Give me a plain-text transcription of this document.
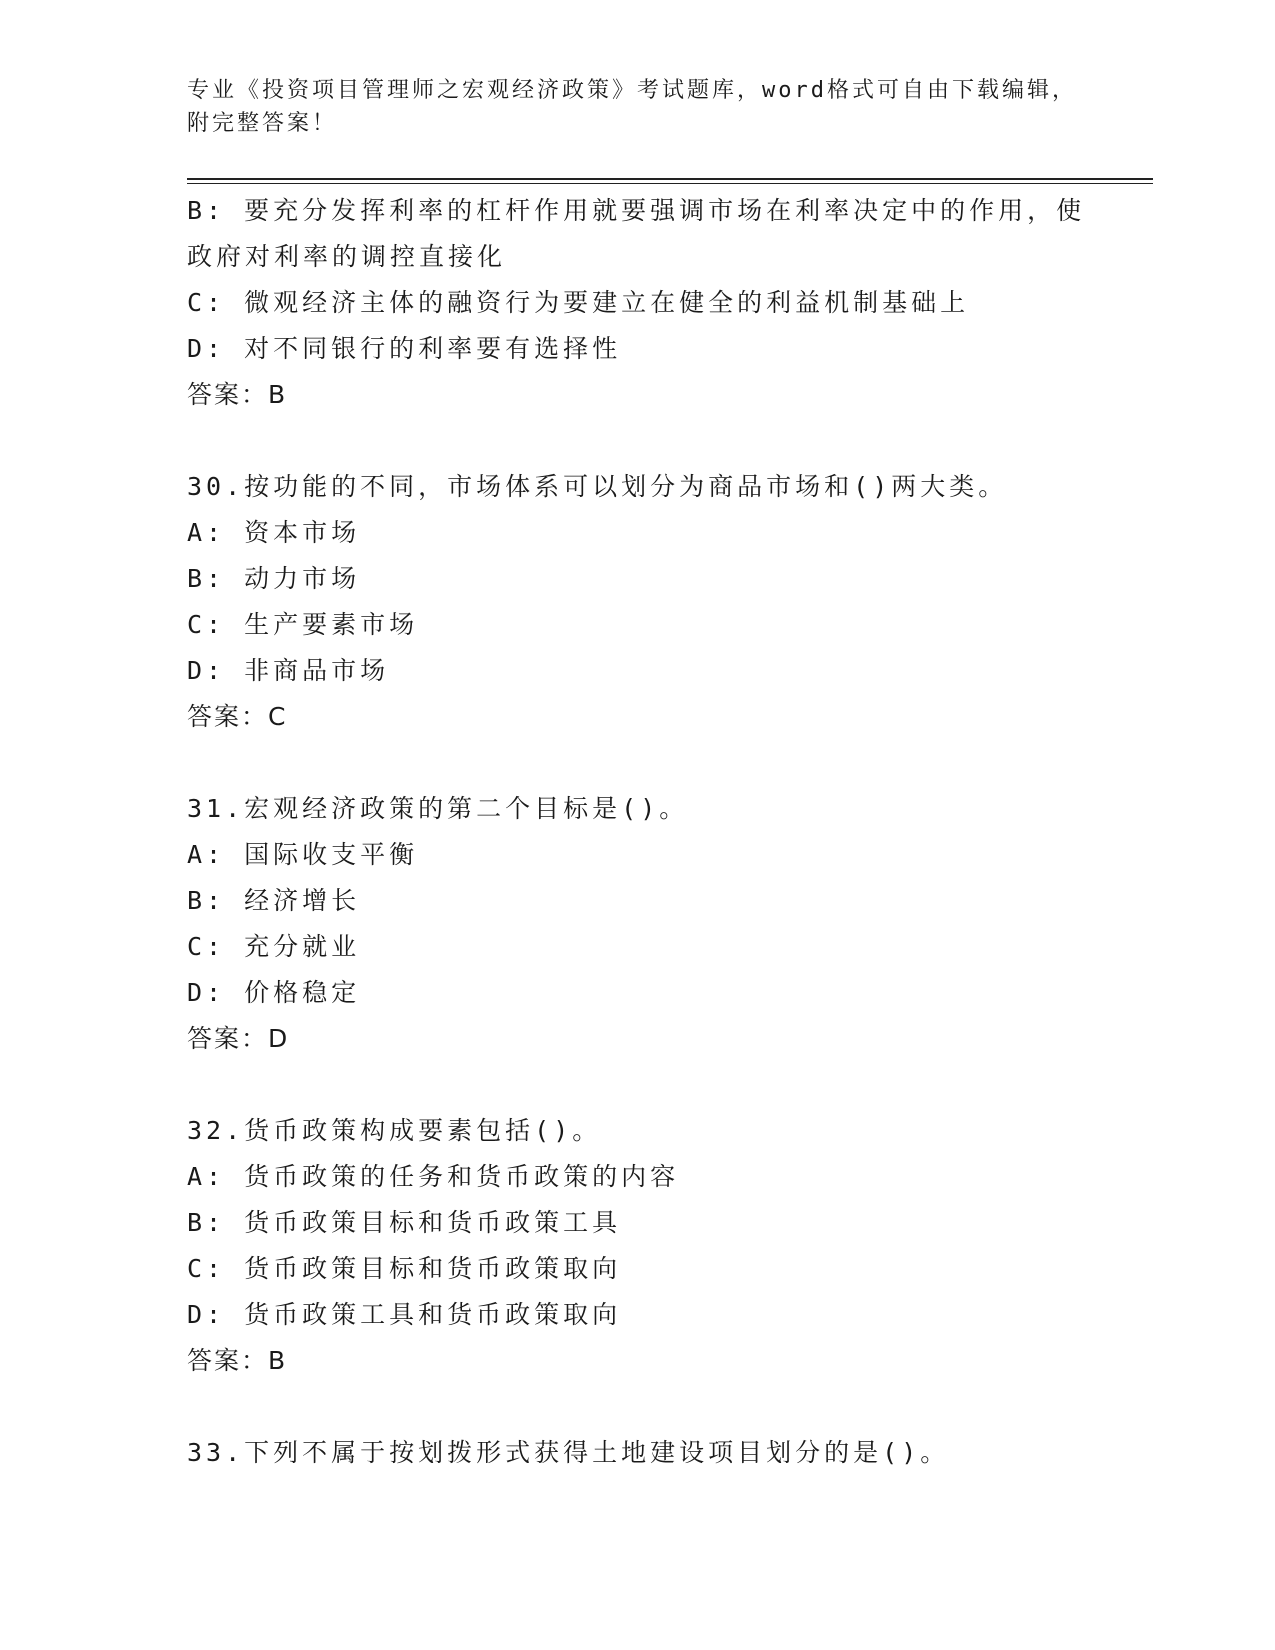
专业《投资项目管理师之宏观经济政策》考试题库，word格式可自由下载编辑，
附完整答案！
B: 要充分发挥利率的杠杆作用就要强调市场在利率决定中的作用，使
政府对利率的调控直接化
C: 微观经济主体的融资行为要建立在健全的利益机制基础上
D: 对不同银行的利率要有选择性
答案：B
30.按功能的不同，市场体系可以划分为商品市场和()两大类。
A: 资本市场
B: 动力市场
C: 生产要素市场
D: 非商品市场
答案：C
31.宏观经济政策的第二个目标是()。
A: 国际收支平衡
B: 经济增长
C: 充分就业
D: 价格稳定
答案：D
32.货币政策构成要素包括()。
A: 货币政策的任务和货币政策的内容
B: 货币政策目标和货币政策工具
C: 货币政策目标和货币政策取向
D: 货币政策工具和货币政策取向
答案：B
33.下列不属于按划拨形式获得土地建设项目划分的是()。
